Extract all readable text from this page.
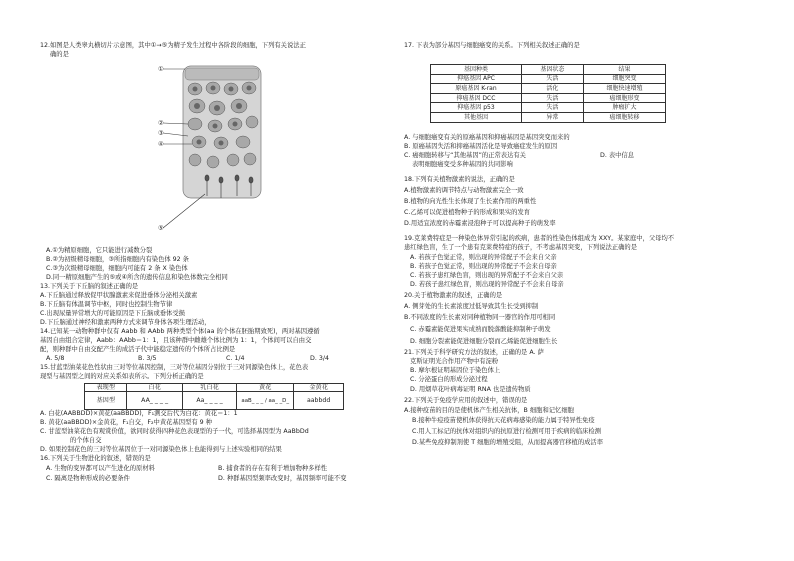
12.如图是人类睾丸横切片示意图，其中①→⑤为精子发生过程中各阶段的细胞，下列有关说法正
确的是
①
②
③
④
⑤
A.①为精原细胞，它只能进行减数分裂
B.②为初级精母细胞，③所指细胞内有染色体 92 条
C.③为次级精母细胞，细胞内可能有 2 条 X 染色体
D.同一精原细胞产生的⑤或④所含的遗传信息和染色体数完全相同
13.下列关于下丘脑的叙述正确的是
A.下丘脑通过释放促甲状腺激素来促进垂体分泌相关激素
B.下丘脑有体温调节中枢，同时也控制生物节律
C.出现尿量异常增大的可能原因是下丘脑或垂体受损
D.下丘脑通过神经和激素两种方式来调节身体各项生理活动，
14.已知某一动物种群中仅有 Aabb 和 AAbb 两种类型个体(aa 的个体在胚胎期致死)，两对基因遵循
基因自由组合定律，Aabb：AAbb＝1：1，且该种群中雌雄个体比例为 1：1，个体间可以自由交
配，则种群中自由交配产生的成活子代中能稳定遗传的个体所占比例是
A. 5/8	B. 3/5	C. 1/4	D. 3/4
15.甘蓝型油菜花色性状由三对等位基因控制，三对等位基因分别位于三对同源染色体上，花色表
现型与基因型之间的对应关系如表所示。下列分析正确的是
表现型	白花	乳白花	黄花	金黄花
基因型	AA_ _ _ _	Aa_ _ _ _	aaB_ _ _ / aa_ _D_	aabbdd
A. 白花(AABBDD)×黄花(aaBBDD)，F₁测交后代为白花：黄花＝1：1
B. 黄花(aaBBDD)×金黄花，F₁自交，F₂中黄花基因型有 9 种
C. 甘蓝型油菜花色有观赏价值，欲同时获得四种花色表现型的子一代，可选择基因型为 AaBbDd
的个体自交
D. 如果控制花色的三对等位基因位于一对同源染色体上也能得到与上述实验相同的结果
16.下列关于生物进化的叙述，错误的是
A. 生物的变异都可以产生进化的原材料	B. 捕食者的存在有利于增加物种多样性
C. 隔离是物种形成的必要条件	D. 种群基因型频率改变时，基因频率可能不变
17. 下表为部分基因与细胞癌变的关系。下列相关叙述正确的是
基因种类	基因状态	结果
抑癌基因 APC	失活	细胞突变
原癌基因 K-ran	活化	细胞快速增殖
抑癌基因 DCC	失活	癌细胞形变
抑癌基因 p53	失活	肿瘤扩大
其他基因	异常	癌细胞转移
A. 与细胞癌变有关的原癌基因和抑癌基因是基因突变而来的
B. 原癌基因失活和抑癌基因活化是导致癌症发生的原因
C. 癌细胞转移与“其他基因”的正常表达有关	D. 表中信息
表明细胞癌变受多种基因的共同影响
18.下列有关植物激素的说法，正确的是
A.植物激素的调节特点与动物激素完全一致
B.植物的向光性生长体现了生长素作用的两重性
C.乙烯可以促进植物种子的形成和果实的发育
D.用适宜浓度的赤霉素浸泡种子可以提高种子的萌发率
19.克莱费特症是一种染色体异常引起的疾病，患者的性染色体组成为 XXY。某家庭中，父母均不
患红绿色盲，生了一个患有克莱费特症的孩子，不考虑基因突变，下列说法正确的是
A. 若孩子色觉正常，则出现的异常配子不会来自父亲
B. 若孩子色觉正常，则出现的异常配子不会来自母亲
C. 若孩子患红绿色盲，则出现的异常配子不会来自父亲
D. 若孩子患红绿色盲，则出现的异常配子不会来自母亲
20.关于植物激素的叙述，正确的是
A. 侧芽处的生长素浓度过低导致其生长受到抑制
B.不同浓度的生长素对同种植物同一器官的作用可相同
C. 赤霉素能促进果实成熟而脱落酸能抑制种子萌发
D. 细胞分裂素能促进细胞分裂而乙烯能促进细胞生长
21.下列关于科学研究方法的叙述，正确的是 A. 萨
克斯证明光合作用产物中有淀粉
B. 摩尔根证明基因位于染色体上
C. 分泌蛋白的形成分泌过程
D. 用烟草花叶病毒证明 RNA 也是遗传物质
22.下列关于免疫学应用的叙述中，错误的是
A.接种疫苗的目的是使机体产生相关抗体，B 细胞和记忆细胞
B.接种牛痘疫苗使机体获得抗天花病毒感染的能力属于特异性免疫
C.用人工标记的抗体对组织内的抗原进行检测可用于疾病的临床检测
D.某些免疫抑制剂使 T 细胞的增殖受阻，从而提高器官移植的成活率
